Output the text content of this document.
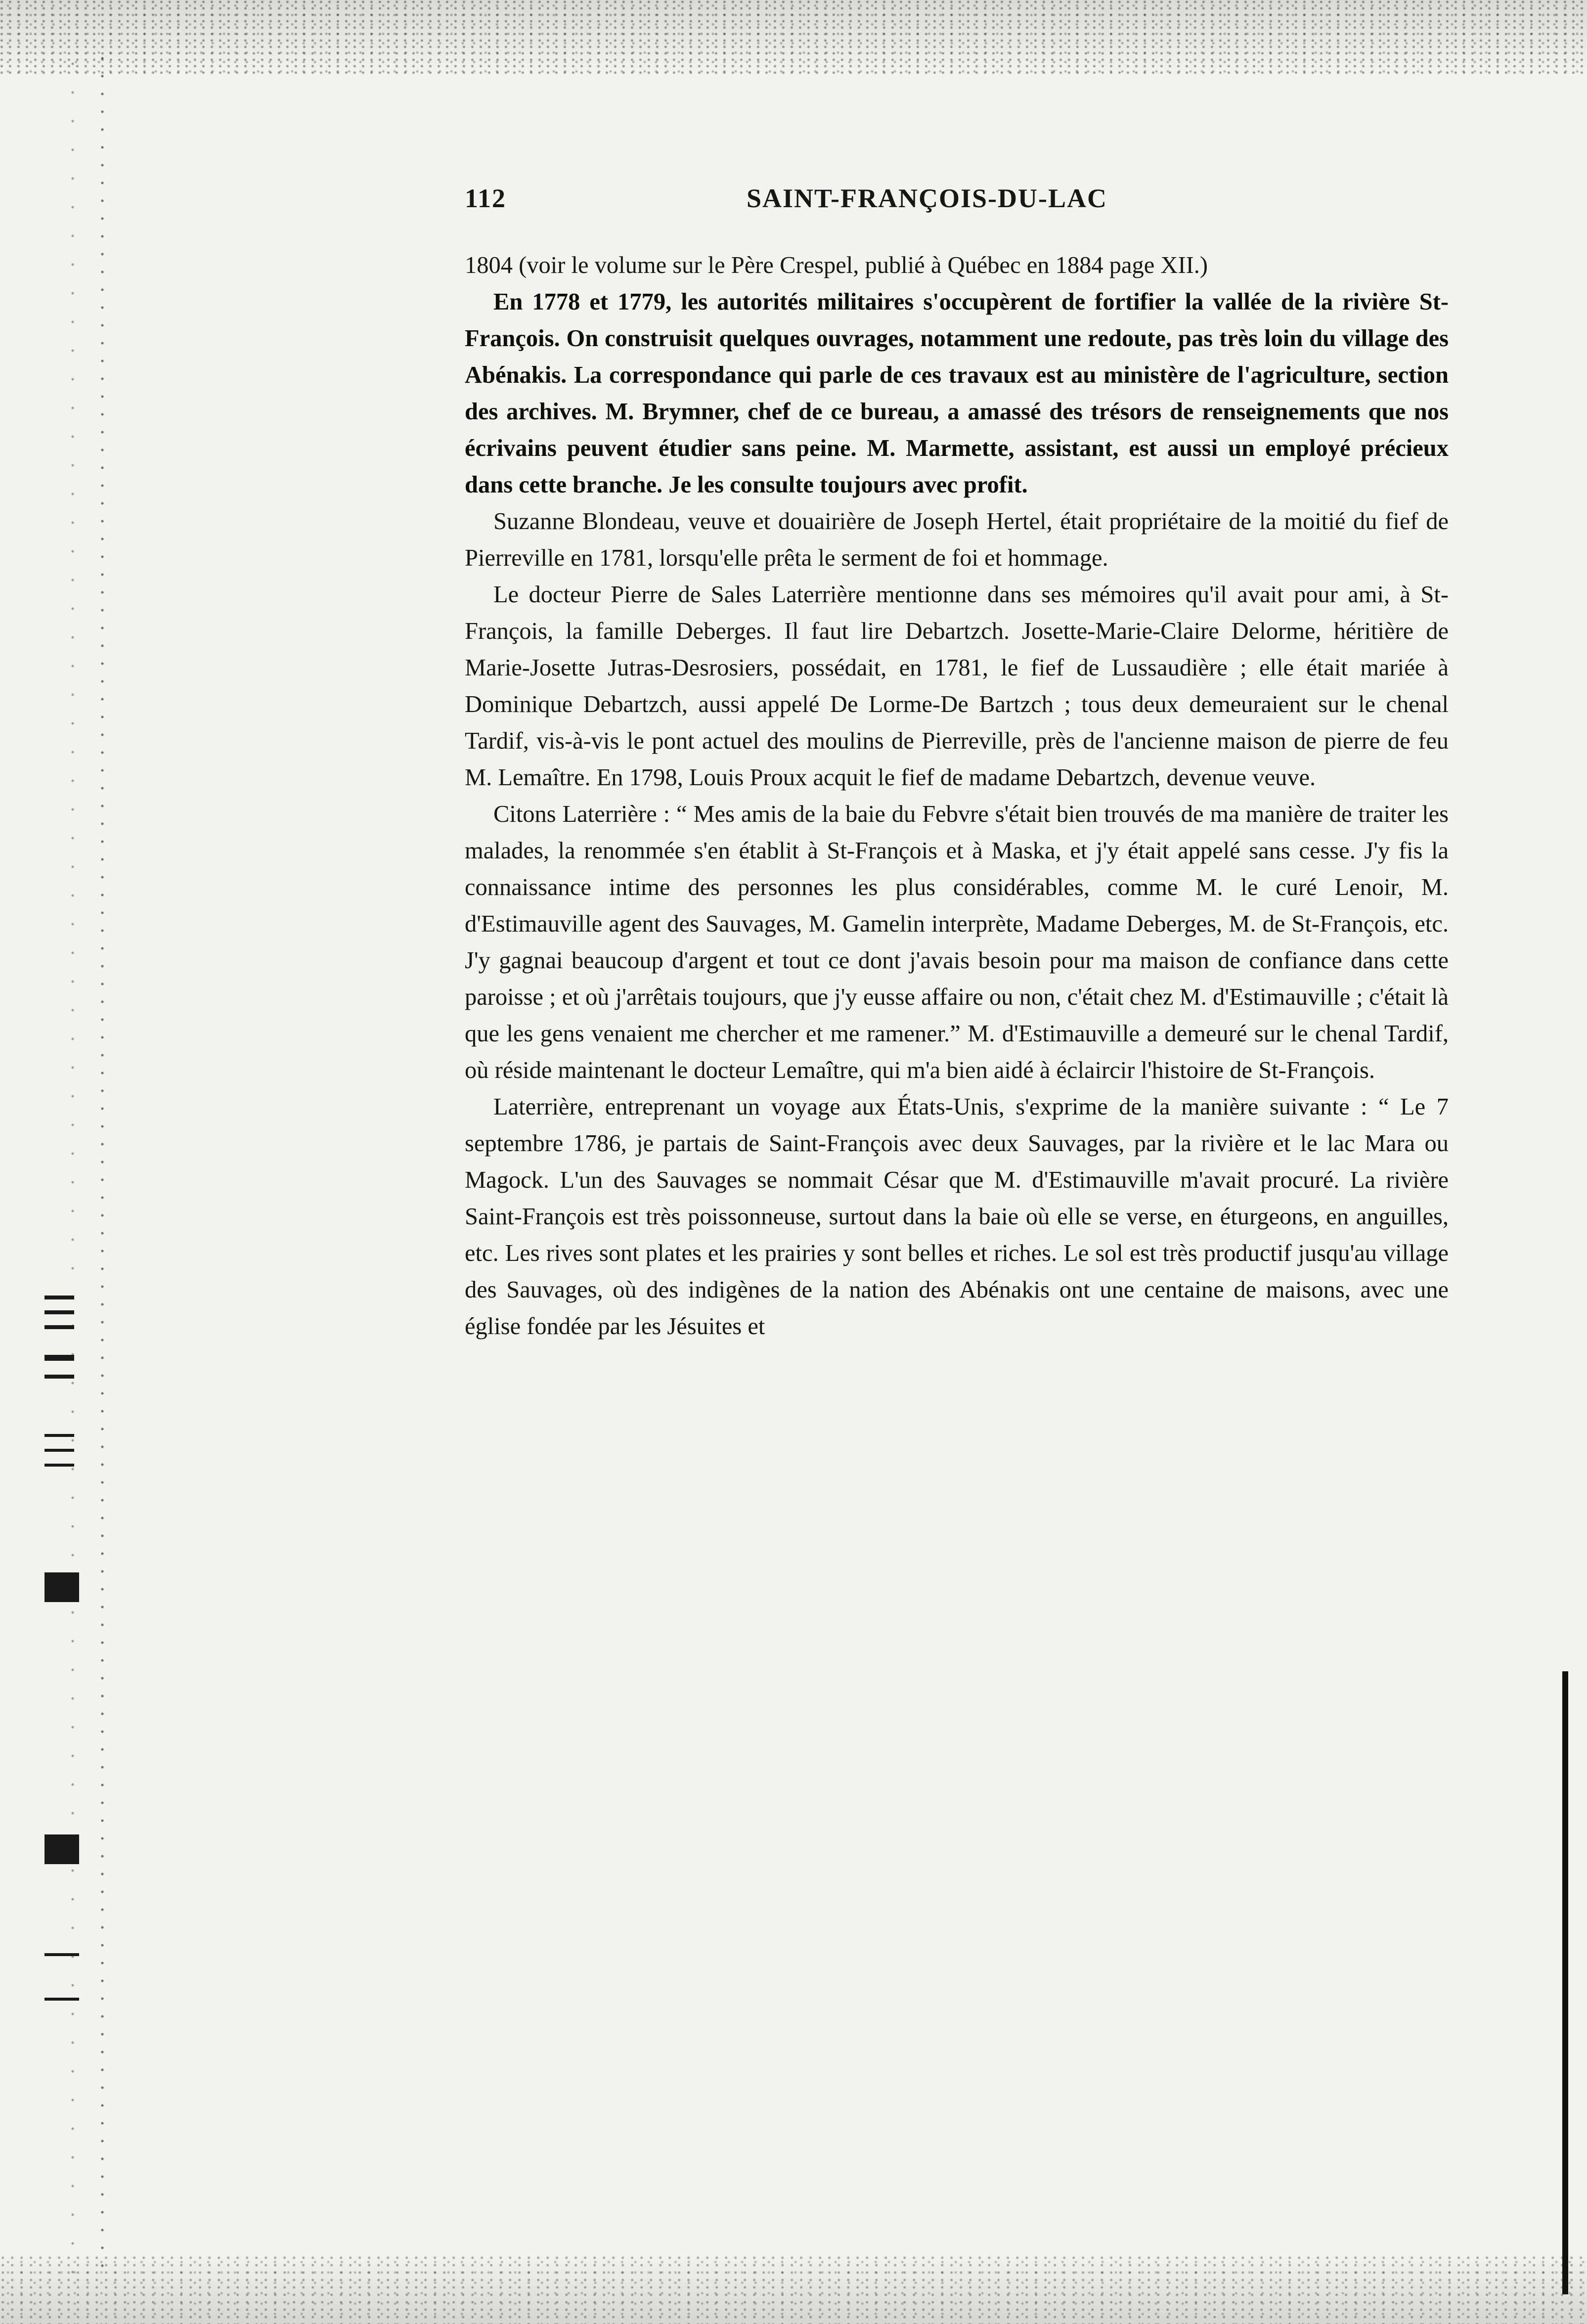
112	SAINT-FRANÇOIS-DU-LAC

1804 (voir le volume sur le Père Crespel, publié à Québec en 1884 page XII.)

En 1778 et 1779, les autorités militaires s'occupèrent de fortifier la vallée de la rivière St-François. On construisit quelques ouvrages, notamment une redoute, pas très loin du village des Abénakis. La correspondance qui parle de ces travaux est au ministère de l'agriculture, section des archives. M. Brymner, chef de ce bureau, a amassé des trésors de renseignements que nos écrivains peuvent étudier sans peine. M. Marmette, assistant, est aussi un employé précieux dans cette branche. Je les consulte toujours avec profit.

Suzanne Blondeau, veuve et douairière de Joseph Hertel, était propriétaire de la moitié du fief de Pierreville en 1781, lorsqu'elle prêta le serment de foi et hommage.

Le docteur Pierre de Sales Laterrière mentionne dans ses mémoires qu'il avait pour ami, à St-François, la famille Deberges. Il faut lire Debartzch. Josette-Marie-Claire Delorme, héritière de Marie-Josette Jutras-Desrosiers, possédait, en 1781, le fief de Lussaudière ; elle était mariée à Dominique Debartzch, aussi appelé De Lorme-De Bartzch ; tous deux demeuraient sur le chenal Tardif, vis-à-vis le pont actuel des moulins de Pierreville, près de l'ancienne maison de pierre de feu M. Lemaître. En 1798, Louis Proux acquit le fief de madame Debartzch, devenue veuve.

Citons Laterrière : “ Mes amis de la baie du Febvre s'était bien trouvés de ma manière de traiter les malades, la renommée s'en établit à St-François et à Maska, et j'y était appelé sans cesse. J'y fis la connaissance intime des personnes les plus considérables, comme M. le curé Lenoir, M. d'Estimauville agent des Sauvages, M. Gamelin interprète, Madame Deberges, M. de St-François, etc. J'y gagnai beaucoup d'argent et tout ce dont j'avais besoin pour ma maison de confiance dans cette paroisse ; et où j'arrêtais toujours, que j'y eusse affaire ou non, c'était chez M. d'Estimauville ; c'était là que les gens venaient me chercher et me ramener.” M. d'Estimauville a demeuré sur le chenal Tardif, où réside maintenant le docteur Lemaître, qui m'a bien aidé à éclaircir l'histoire de St-François.

Laterrière, entreprenant un voyage aux États-Unis, s'exprime de la manière suivante : “ Le 7 septembre 1786, je partais de Saint-François avec deux Sauvages, par la rivière et le lac Mara ou Magock. L'un des Sauvages se nommait César que M. d'Estimauville m'avait procuré. La rivière Saint-François est très poissonneuse, surtout dans la baie où elle se verse, en éturgeons, en anguilles, etc. Les rives sont plates et les prairies y sont belles et riches. Le sol est très productif jusqu'au village des Sauvages, où des indigènes de la nation des Abénakis ont une centaine de maisons, avec une église fondée par les Jésuites et
